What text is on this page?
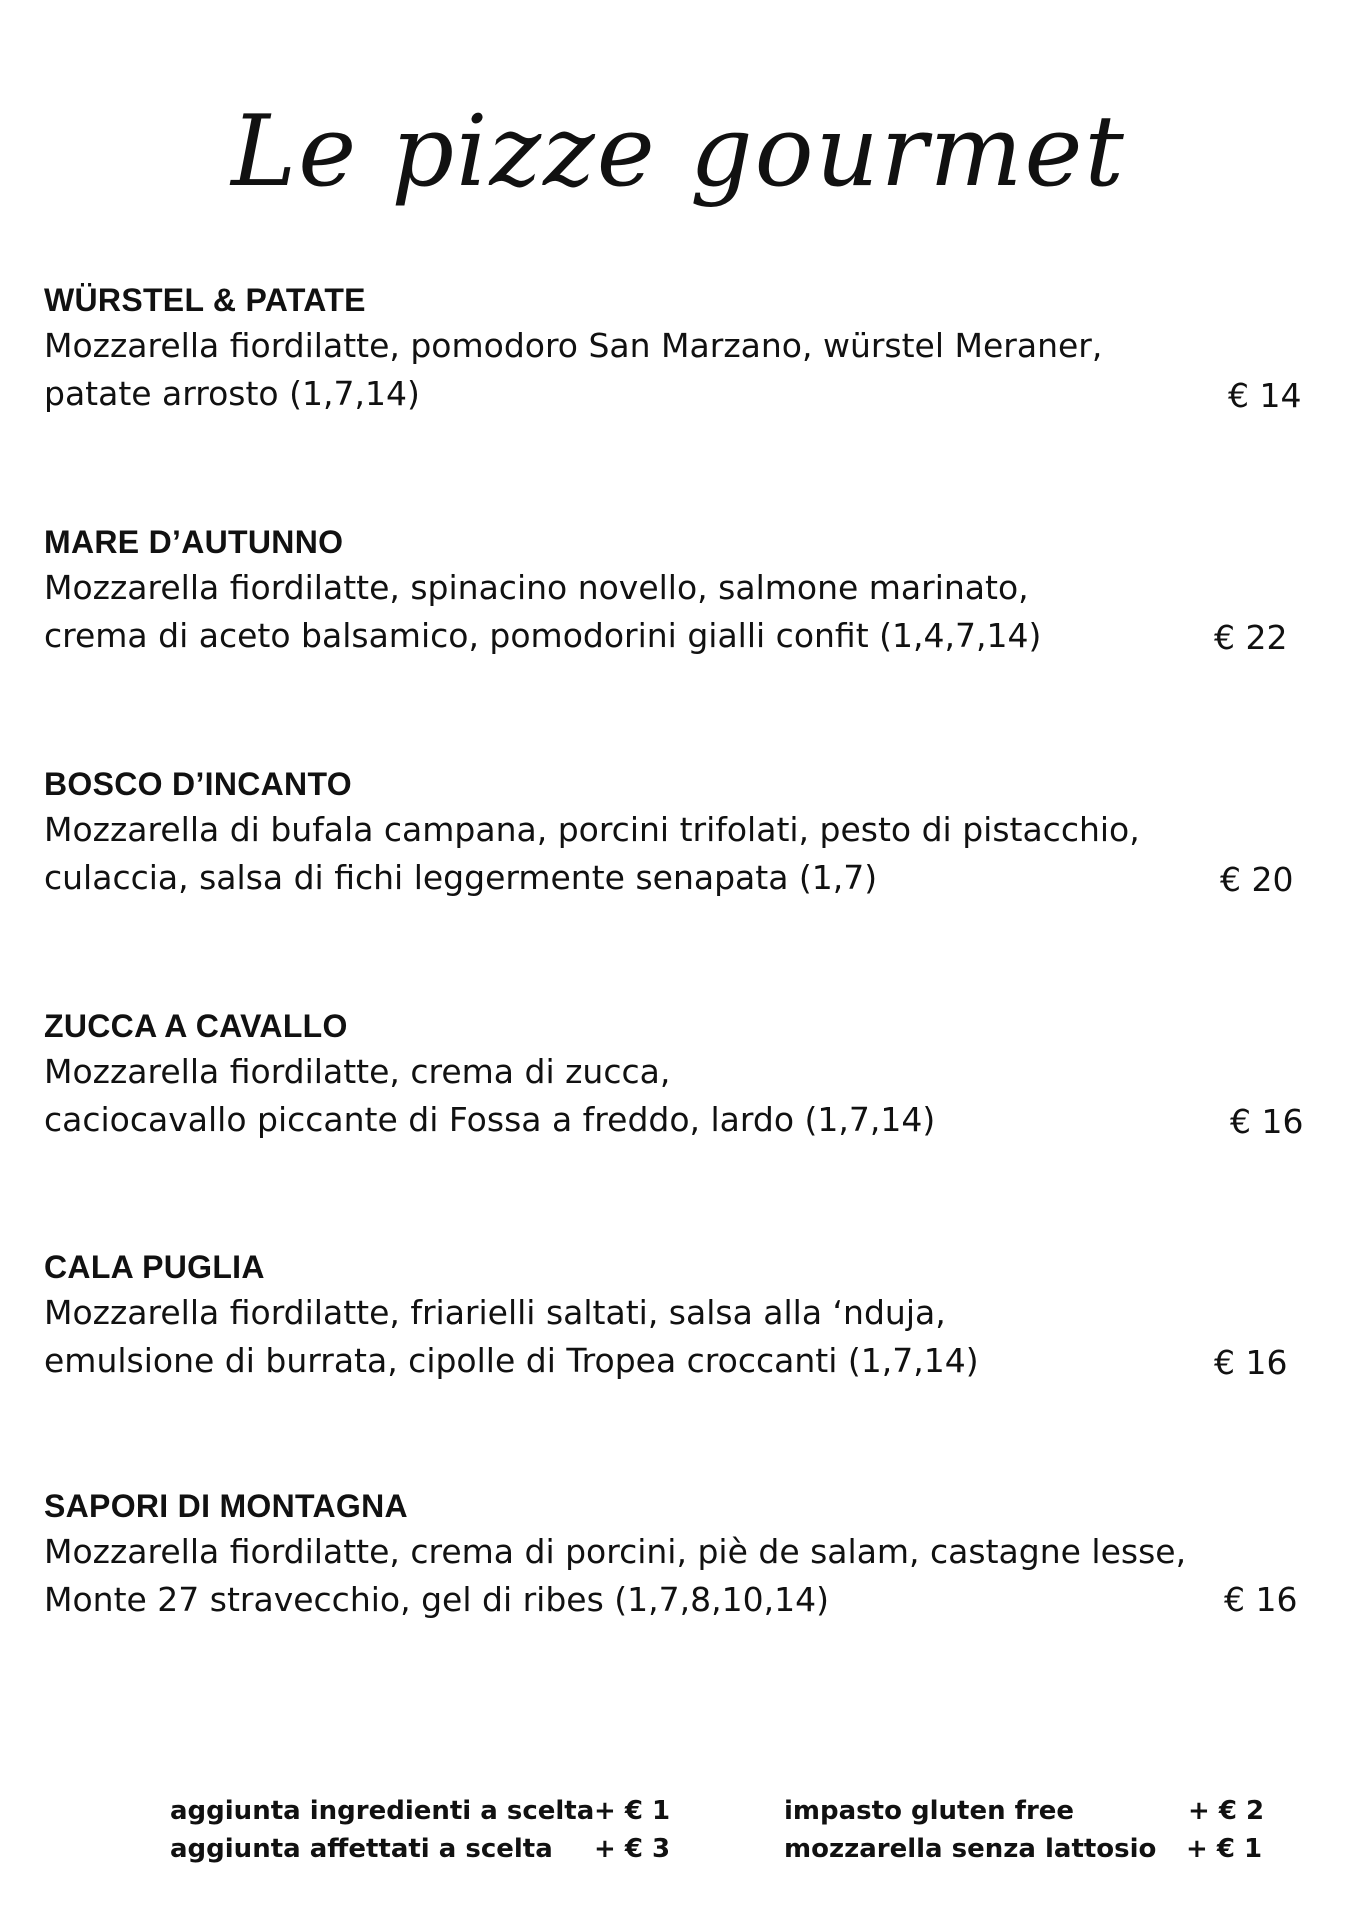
Le pizze gourmet

WÜRSTEL & PATATE

Mozzarella fiordilatte, pomodoro San Marzano, würstel Meraner,

patate arrosto (1,7,14)	€ 14

MARE D’AUTUNNO

Mozzarella fiordilatte, spinacino novello, salmone marinato,

crema di aceto balsamico, pomodorini gialli confit (1,4,7,14)	€ 22

BOSCO D’INCANTO

Mozzarella di bufala campana, porcini trifolati, pesto di pistacchio,

culaccia, salsa di fichi leggermente senapata (1,7)	€ 20

ZUCCA A CAVALLO

Mozzarella fiordilatte, crema di zucca,

caciocavallo piccante di Fossa a freddo, lardo (1,7,14)	€ 16

CALA PUGLIA

Mozzarella fiordilatte, friarielli saltati, salsa alla ‘nduja,

emulsione di burrata, cipolle di Tropea croccanti (1,7,14)	€ 16

SAPORI DI MONTAGNA

Mozzarella fiordilatte, crema di porcini, piè de salam, castagne lesse,

Monte 27 stravecchio, gel di ribes (1,7,8,10,14)	€ 16
aggiunta ingredienti a scelta + € 1
aggiunta affettati a scelta + € 3
impasto gluten free	+ € 2
mozzarella senza lattosio + € 1
